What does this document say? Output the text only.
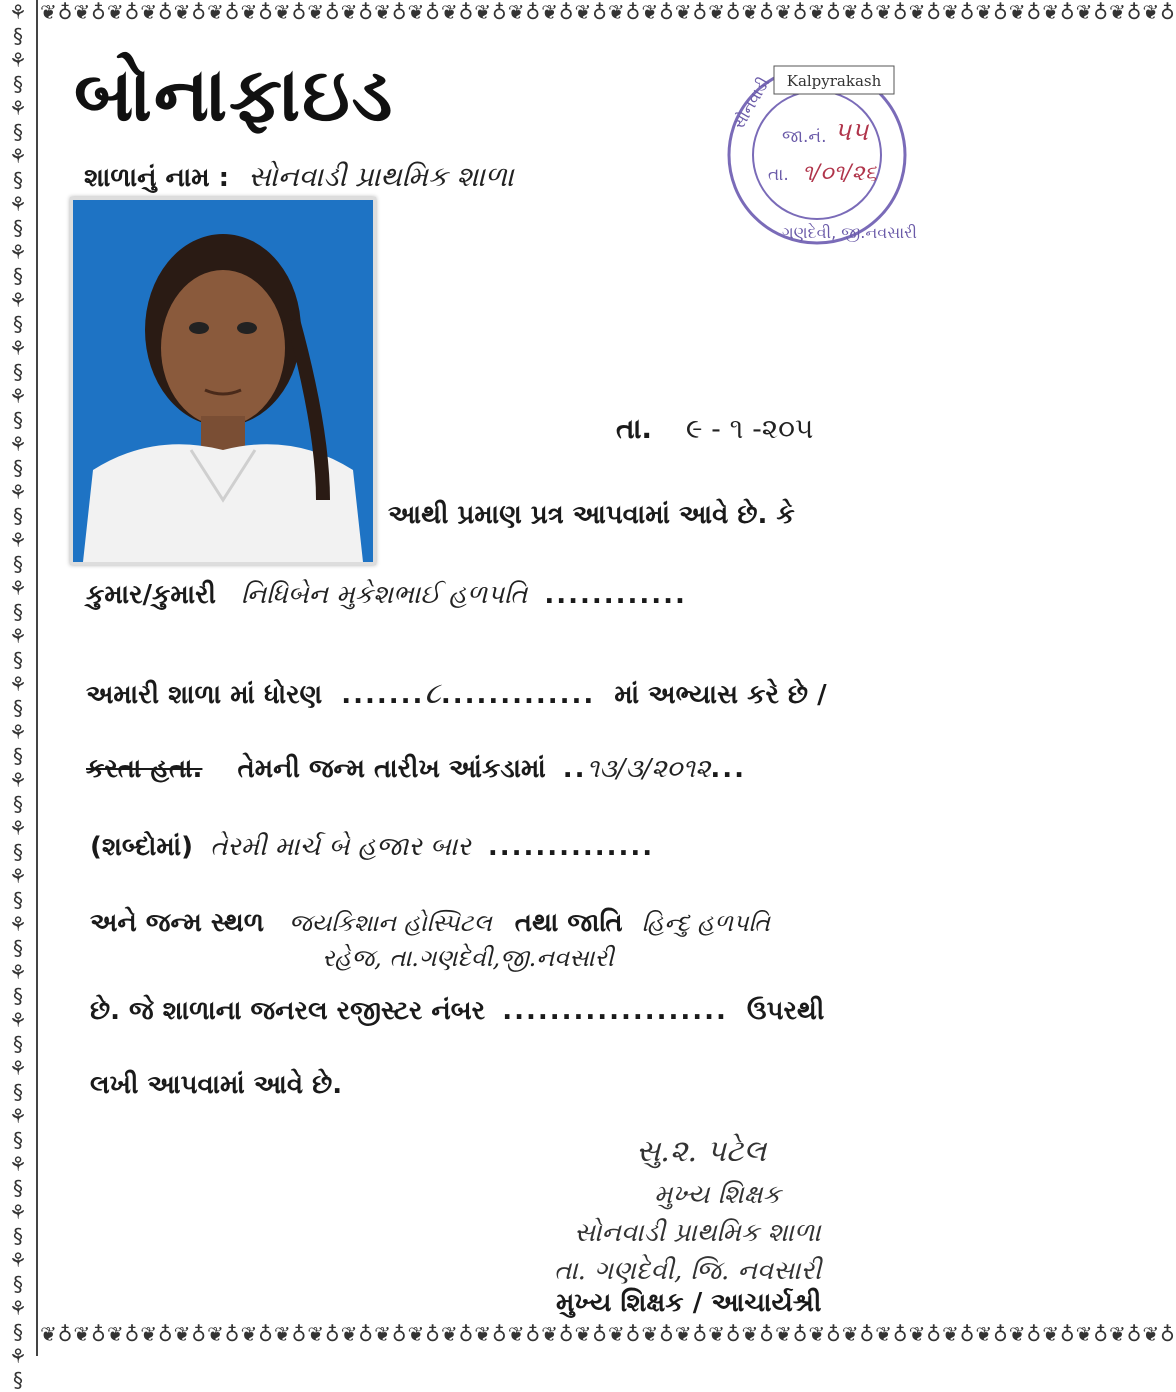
⚘
§
⚘
§
⚘
§
⚘
§
⚘
§
⚘
§
⚘
§
⚘
§
⚘
§
⚘
§
⚘
§
⚘
§
⚘
§
⚘
§
⚘
§
⚘
§
⚘
§
⚘
§
⚘
§
⚘
§
⚘
§
⚘
§
⚘
§
⚘
§
⚘
§
⚘
§
⚘
§
⚘
§
⚘
§
❦♁❦♁❦♁❦♁❦♁❦♁❦♁❦♁❦♁❦♁❦♁❦♁❦♁❦♁❦♁❦♁❦♁❦♁❦♁❦♁❦♁❦♁❦♁❦♁❦♁❦♁❦♁❦♁❦♁❦♁❦♁❦♁❦♁❦♁
❦♁❦♁❦♁❦♁❦♁❦♁❦♁❦♁❦♁❦♁❦♁❦♁❦♁❦♁❦♁❦♁❦♁❦♁❦♁❦♁❦♁❦♁❦♁❦♁❦♁❦♁❦♁❦♁❦♁❦♁❦♁❦♁❦♁❦♁
બોનાફાઇડ
શાળાનું નામ : સોનવાડી પ્રાથમિક શાળા
Kalpyrakash
જા.નં. ૫૫
તા. ૧/૦૧/૨૬
સોનવાડી
ગણદેવી, જી.નવસારી
તા. ૯ - ૧ -૨૦૫
આથી પ્રમાણ પ્રત્ર આપવામાં આવે છે. કે
કુમાર/કુમારી નિધિબેન મુકેશભાઈ હળપતિ ............
અમારી શાળા માં ધોરણ .......૮............. માં અભ્યાસ કરે છે /
કરતા હતા. તેમની જન્મ તારીખ આંકડામાં ..૧૩/૩/૨૦૧૨...
(શબ્દોમાં) તેરમી માર્ચ બે હજાર બાર ..............
અને જન્મ સ્થળ જયકિશાન હોસ્પિટલ તથા જાતિ હિન્દુ હળપતિ
રહેજ, તા.ગણદેવી,જી.નવસારી
છે. જે શાળાના જનરલ રજીસ્ટર નંબર ................... ઉપરથી
લખી આપવામાં આવે છે.
સુ.૨. પટેલ
મુખ્ય શિક્ષક
સોનવાડી પ્રાથમિક શાળા
તા. ગણદેવી, જિ. નવસારી
મુખ્ય શિક્ષક / આચાર્યશ્રી
